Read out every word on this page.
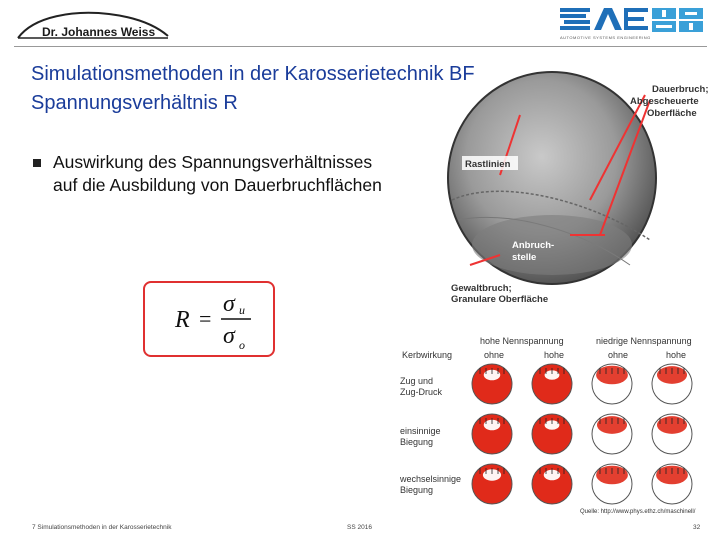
Dr. Johannes Weiss	AUTOMOTIVE SYSTEMS ENGINEERING
Simulationsmethoden in der Karosserietechnik BF
Spannungsverhältnis R
Auswirkung des Spannungsverhältnisses auf die Ausbildung von Dauerbruchflächen
R =
σ u
σ o
Dauerbruch;
Abgescheuerte
Oberfläche
Rastlinien
Anbruch-
stelle
Gewaltbruch;
Granulare Oberfläche
hohe Nennspannung	niedrige Nennspannung
Kerbwirkung	ohne	hohe	ohne	hohe
Zug und
Zug-Druck
einsinnige
Biegung
wechselsinnige
Biegung
Quelle: http://www.phys.ethz.ch/maschinell/
7 Simulationsmethoden in der Karosserietechnik	SS 2016	32
